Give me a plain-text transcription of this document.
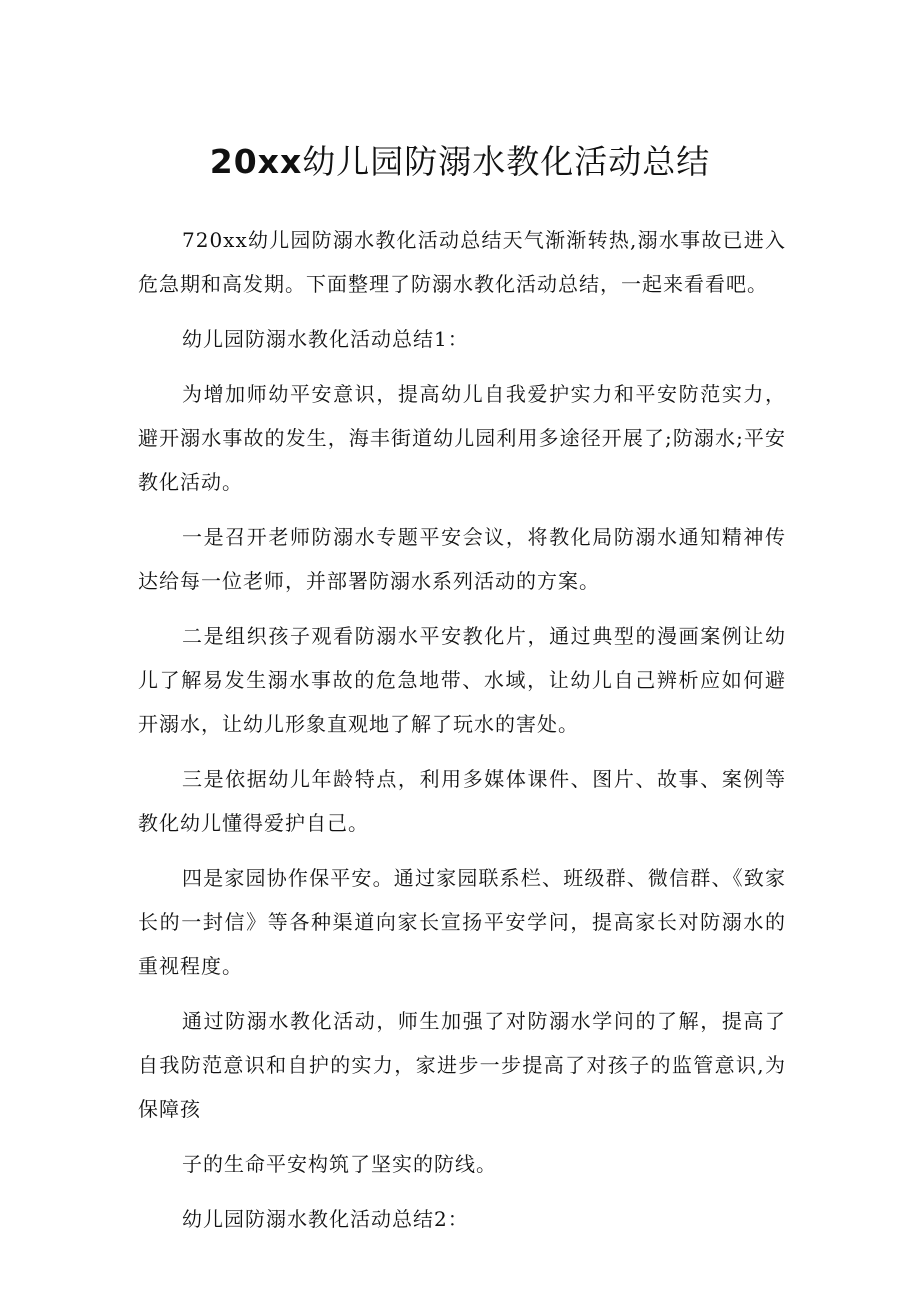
20xx幼儿园防溺水教化活动总结

720xx幼儿园防溺水教化活动总结天气渐渐转热,溺水事故已进入危急期和高发期。下面整理了防溺水教化活动总结，一起来看看吧。

幼儿园防溺水教化活动总结1：

为增加师幼平安意识，提高幼儿自我爱护实力和平安防范实力，避开溺水事故的发生，海丰街道幼儿园利用多途径开展了;防溺水;平安教化活动。

一是召开老师防溺水专题平安会议，将教化局防溺水通知精神传达给每一位老师，并部署防溺水系列活动的方案。

二是组织孩子观看防溺水平安教化片，通过典型的漫画案例让幼儿了解易发生溺水事故的危急地带、水域，让幼儿自己辨析应如何避开溺水，让幼儿形象直观地了解了玩水的害处。

三是依据幼儿年龄特点，利用多媒体课件、图片、故事、案例等教化幼儿懂得爱护自己。

四是家园协作保平安。通过家园联系栏、班级群、微信群、《致家长的一封信》等各种渠道向家长宣扬平安学问，提高家长对防溺水的重视程度。

通过防溺水教化活动，师生加强了对防溺水学问的了解，提高了自我防范意识和自护的实力，家进步一步提高了对孩子的监管意识,为保障孩

子的生命平安构筑了坚实的防线。

幼儿园防溺水教化活动总结2：
